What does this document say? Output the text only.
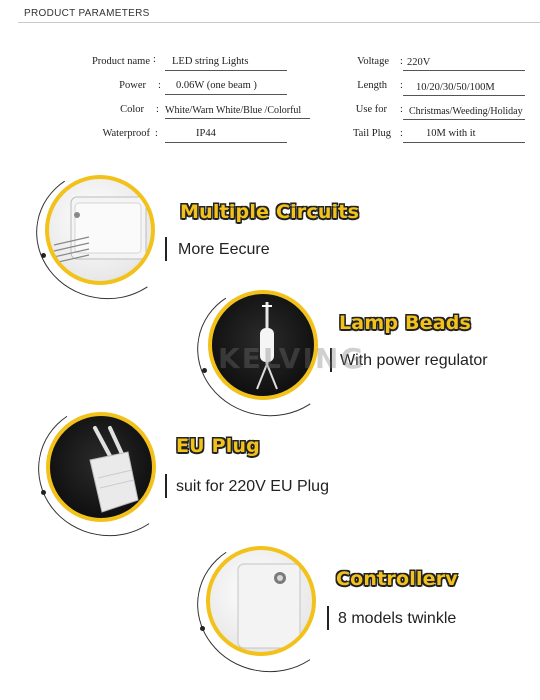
PRODUCT PARAMETERS
Product name : LED string Lights
Power : 0.06W (one beam )
Color : White/Warn White/Blue /Colorful
Waterproof :	IP44
Voltage : 220V
Length : 10/20/30/50/100M
Use for : Christmas/Weeding/Holiday
Tail Plug : 10M with it
Multiple Circuits
More Eecure
Lamp Beads
With power regulator
KELVING
EU Plug
suit for 220V EU Plug
Controllerv
8 models twinkle
